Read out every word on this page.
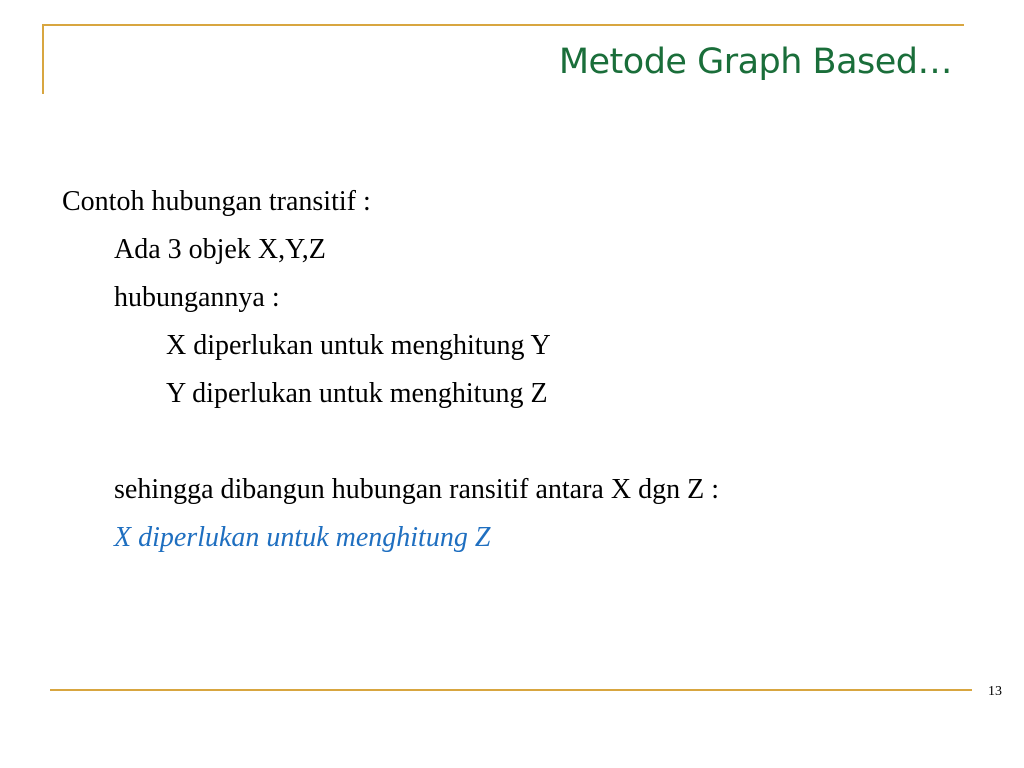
Metode Graph Based…
Contoh hubungan transitif :
Ada 3 objek X,Y,Z
hubungannya :
X diperlukan untuk menghitung Y
Y diperlukan untuk menghitung Z
sehingga dibangun hubungan ransitif antara X dgn Z :
X diperlukan untuk menghitung Z
13
